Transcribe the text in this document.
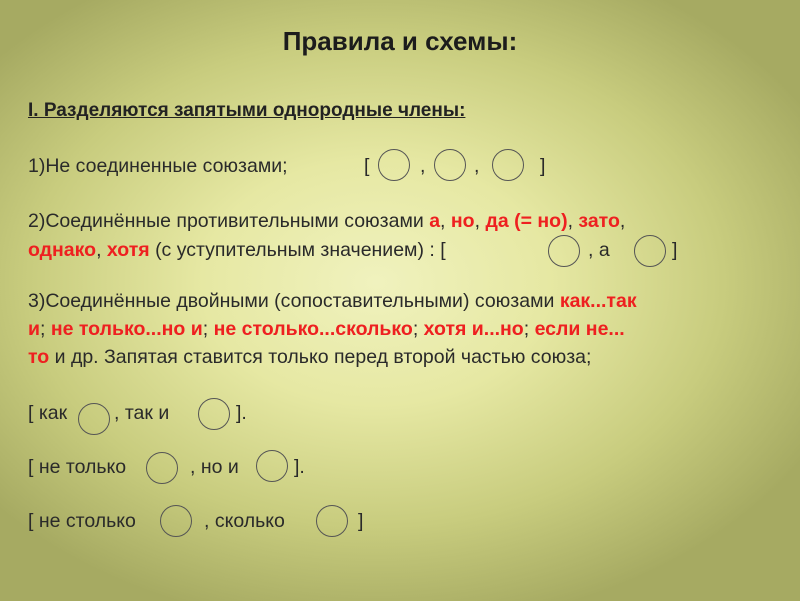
Правила и схемы:
I. Разделяются запятыми однородные члены:
1)Не соединенные союзами;	[	, ,	]
2)Соединённые противительными союзами а, но, да (= но), зато,
однако, хотя (с уступительным значением) : [	, а	]
3)Соединённые двойными (сопоставительными) союзами как...так
и; не только...но и; не столько...сколько; хотя и...но; если не...
то и др. Запятая ставится только перед второй частью союза;
[ как , так и	].
[ не только	, но и	].
[ не столько	, сколько	]
